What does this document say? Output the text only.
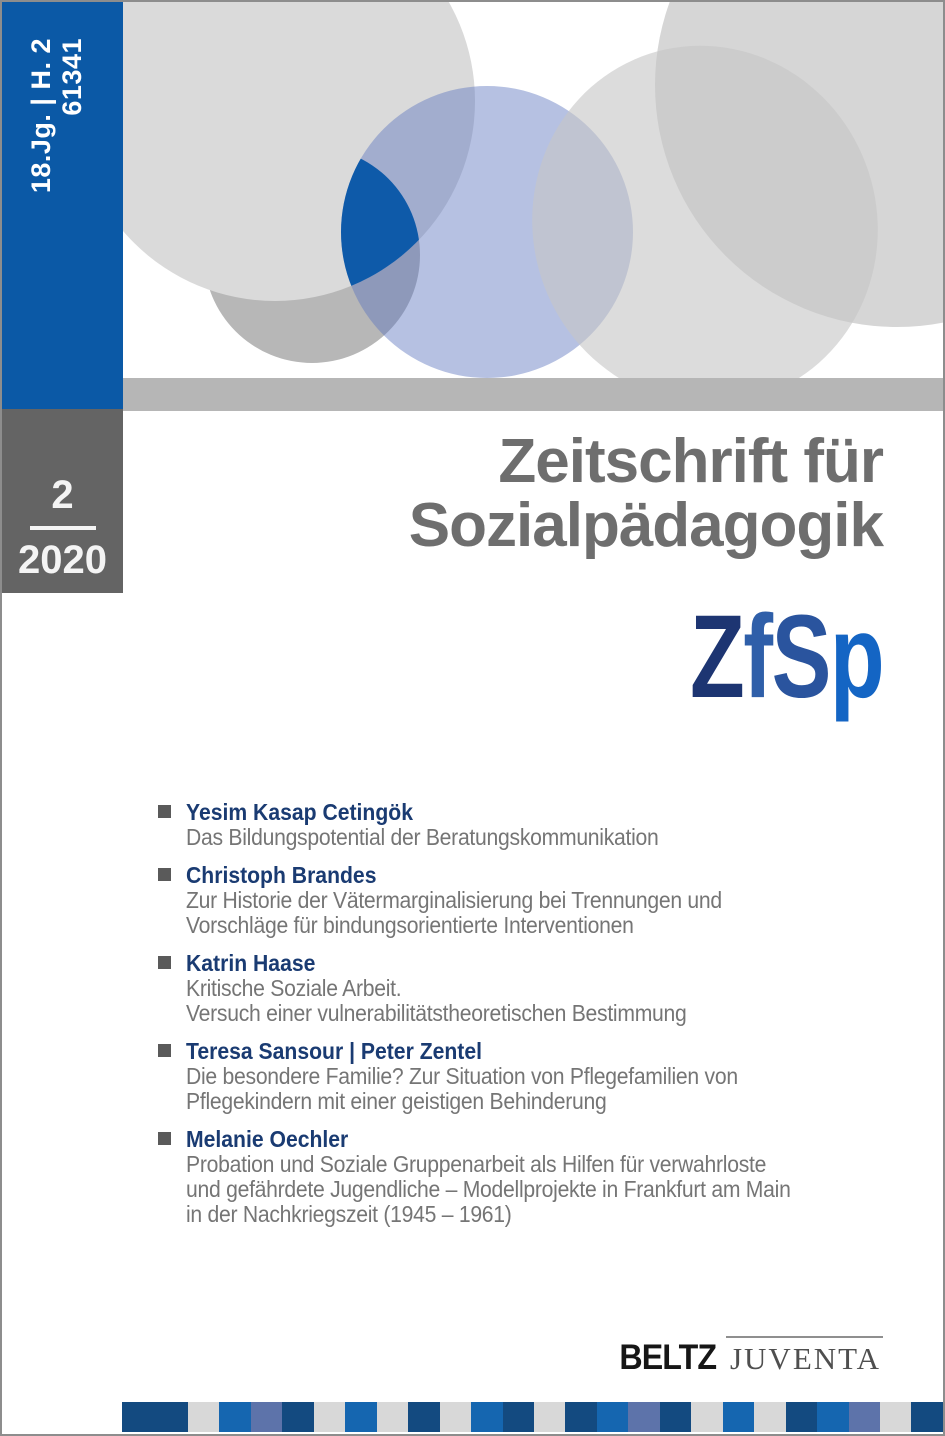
18.Jg. | H. 2 61341
2
2020
Zeitschrift für
Sozialpädagogik
ZfSp
Yesim Kasap Cetingök
Das Bildungspotential der Beratungskommunikation
Christoph Brandes
Zur Historie der Vätermarginalisierung bei Trennungen und
Vorschläge für bindungsorientierte Interventionen
Katrin Haase
Kritische Soziale Arbeit.
Versuch einer vulnerabilitätstheoretischen Bestimmung
Teresa Sansour | Peter Zentel
Die besondere Familie? Zur Situation von Pflegefamilien von
Pflegekindern mit einer geistigen Behinderung
Melanie Oechler
Probation und Soziale Gruppenarbeit als Hilfen für verwahrloste
und gefährdete Jugendliche – Modellprojekte in Frankfurt am Main
in der Nachkriegszeit (1945 – 1961)
BELTZ JUVENTA
